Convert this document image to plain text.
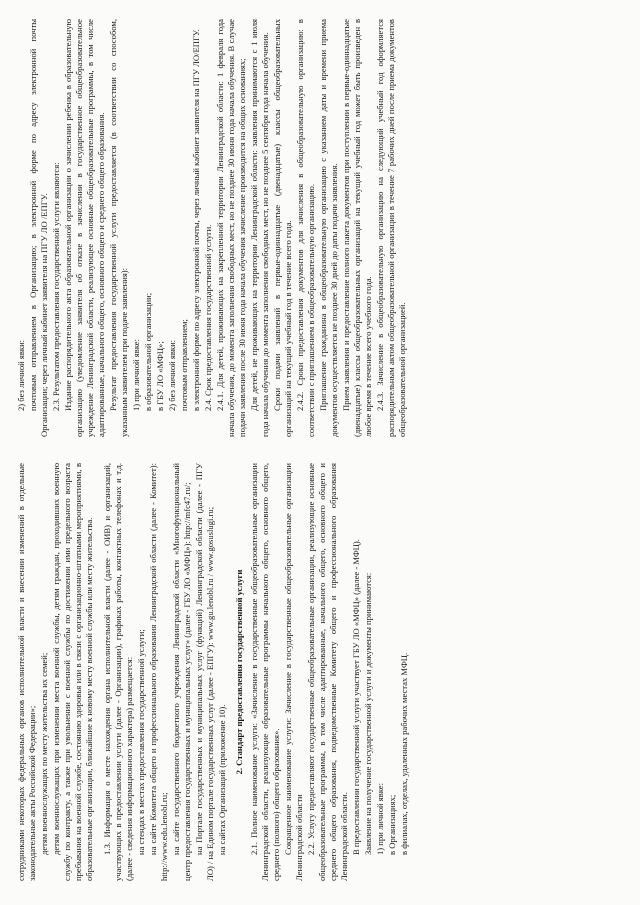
сотрудниками некоторых федеральных органов исполнительной власти и внесении изменений в отдельные законодательные акты Российской Федерации»; детям военнослужащих по месту жительства их семей; детям военнослужащих при изменении места военной службы, детям граждан, проходивших военную службу по контракту, а также при увольнении с военной службы по достижении ими предельного возраста пребывания на военной службе, состоянию здоровья или в связи с организационно-штатными мероприятиями, в образовательные организации, ближайшие к новому месту военной службы или месту жительства. 1.3. Информация о месте нахождения органа исполнительной власти (далее - ОИВ) и организаций, участвующих в предоставлении услуги (далее - Организации), графиках работы, контактных телефонах и т.д. (далее - сведения информационного характера) размещается: на стендах в местах предоставления государственной услуги; на сайте Комитета общего и профессионального образования Ленинградской области (далее - Комитет): http://www.edu.lenobl.ru; на сайте государственного бюджетного учреждения Ленинградской области «Многофункциональный центр предоставления государственных и муниципальных услуг» (далее - ГБУ ЛО «МФЦ»): http://mfc47.ru/; на Портале государственных и муниципальных услуг (функций) Ленинградской области (далее - ПГУ ЛО) / на Едином портале государственных услуг (далее - ЕПГУ): www.gu.lenobl.ru / www.gosuslugi.ru; на сайтах Организаций (приложение 10).

2. Стандарт предоставления государственной услуги 2.1. Полное наименование услуги: «Зачисление в государственные общеобразовательные организации Ленинградской области, реализующие образовательные программы начального общего, основного общего, среднего (полного) общего образования». Сокращенное наименование услуги: Зачисление в государственные общеобразовательные организации Ленинградской области 2.2. Услугу предоставляют государственные общеобразовательные организации, реализующие основные общеобразовательные программы, в том числе адаптированные, начального общего, основного общего и среднего общего образования, подведомственные Комитету общего и профессионального образования Ленинградской области. В предоставлении государственной услуги участвует ГБУ ЛО «МФЦ» (далее - МФЦ). Заявление на получение государственной услуги и документы принимаются: 1) при личной явке: в Организациях; в филиалах, отделах, удаленных рабочих местах МФЦ.

2) без личной явки: почтовым отправлением в Организацию; в электронной форме по адресу электронной почты Организации; через личный кабинет заявителя на ПГУ ЛО /ЕПГУ. 2.3. Результатом предоставления государственной услуги являются: Издание распорядительного акта образовательной организации о зачислении ребенка в образовательную организацию (уведомление заявителя об отказе в зачислении в государственное общеобразовательное учреждение Ленинградской области, реализующее основные общеобразовательные программы, в том числе адаптированные, начального общего, основного общего и среднего общего образования. Результат предоставления государственной услуги предоставляется (в соответствии со способом, указанным заявителем при подаче заявления): 1) при личной явке: в образовательной организации; в ГБУ ЛО «МФЦ»; 2) без личной явки: почтовым отправлением; в электронной форме по адресу электронной почты, через личный кабинет заявителя на ПГУ ЛО/ЕПГУ. 2.4. Срок предоставления государственной услуги. 2.4.1. Для детей, проживающих на закрепленной территории Ленинградской области: 1 февраля года начала обучения, до момента заполнения свободных мест, но не позднее 30 июня года начала обучения. В случае подачи заявления после 30 июня года начала обучения зачисление производится на общих основаниях; Для детей, не проживающих на территории Ленинградской области: заявления принимаются с 1 июля года начала обучения до момента заполнения свободных мест, но не позднее 5 сентября года начала обучения. Сроки подачи заявлений в первые-одиннадцатые (двенадцатые) классы общеобразовательных организаций на текущий учебный год в течение всего года. 2.4.2. Сроки предоставления документов для зачисления в общеобразовательную организацию: в соответствии с приглашением в общеобразовательную организацию. Приглашение гражданина в общеобразовательную организацию с указанием даты и времени приема документов осуществляется не позднее 30 дней до даты подачи заявления. Прием заявления и предоставление полного пакета документов при поступлении в первые-одиннадцатые (двенадцатые) классы общеобразовательных организаций на текущий учебный год может быть произведен в любое время в течение всего учебного года. 2.4.3. Зачисление в общеобразовательную организацию на следующий учебный год оформляется распорядительным актом общеобразовательной организации в течение 7 рабочих дней после приема документов общеобразовательной организацией.
